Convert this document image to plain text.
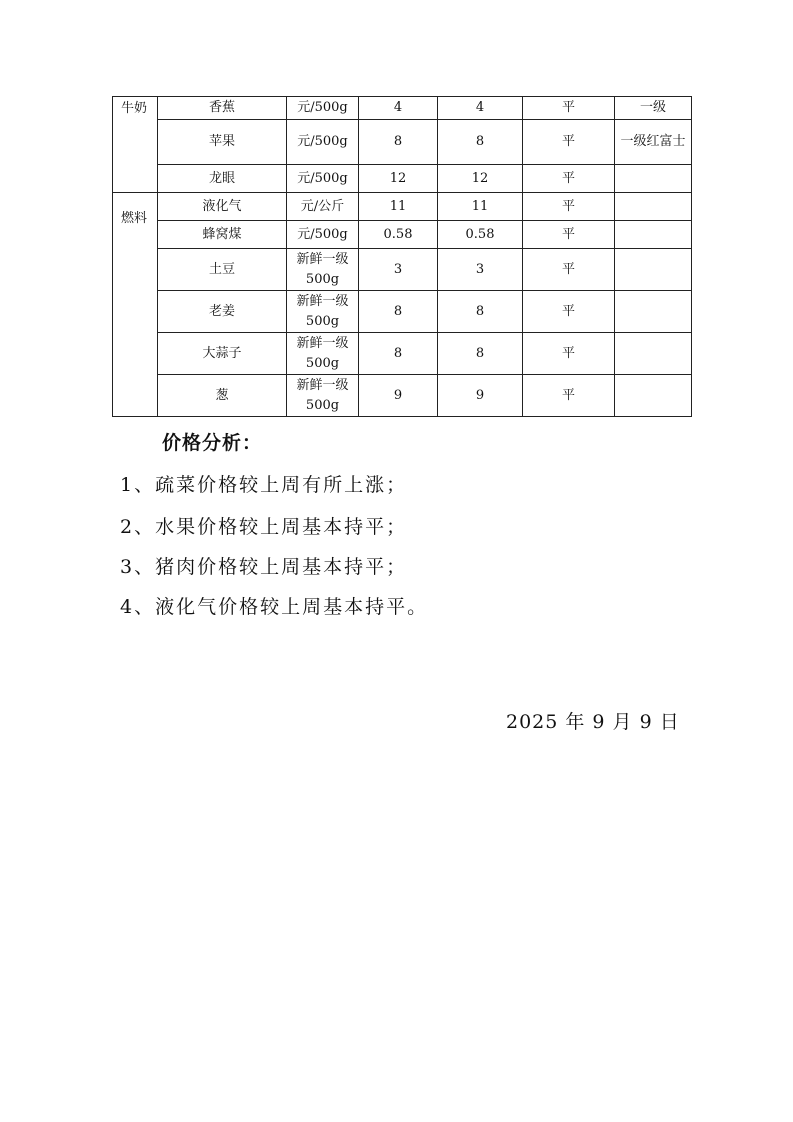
牛奶	香蕉	元/500g	4	4	平	一级
	苹果	元/500g	8	8	平	一级红富士
	龙眼	元/500g	12	12	平	
燃料	液化气	元/公斤	11	11	平	
	蜂窝煤	元/500g	0.58	0.58	平	
	土豆	新鲜一级500g	3	3	平	
	老姜	新鲜一级500g	8	8	平	
	大蒜子	新鲜一级500g	8	8	平	
	葱	新鲜一级500g	9	9	平	
价格分析：
1、疏菜价格较上周有所上涨；
2、水果价格较上周基本持平；
3、猪肉价格较上周基本持平；
4、液化气价格较上周基本持平。
2025 年 9 月 9 日
